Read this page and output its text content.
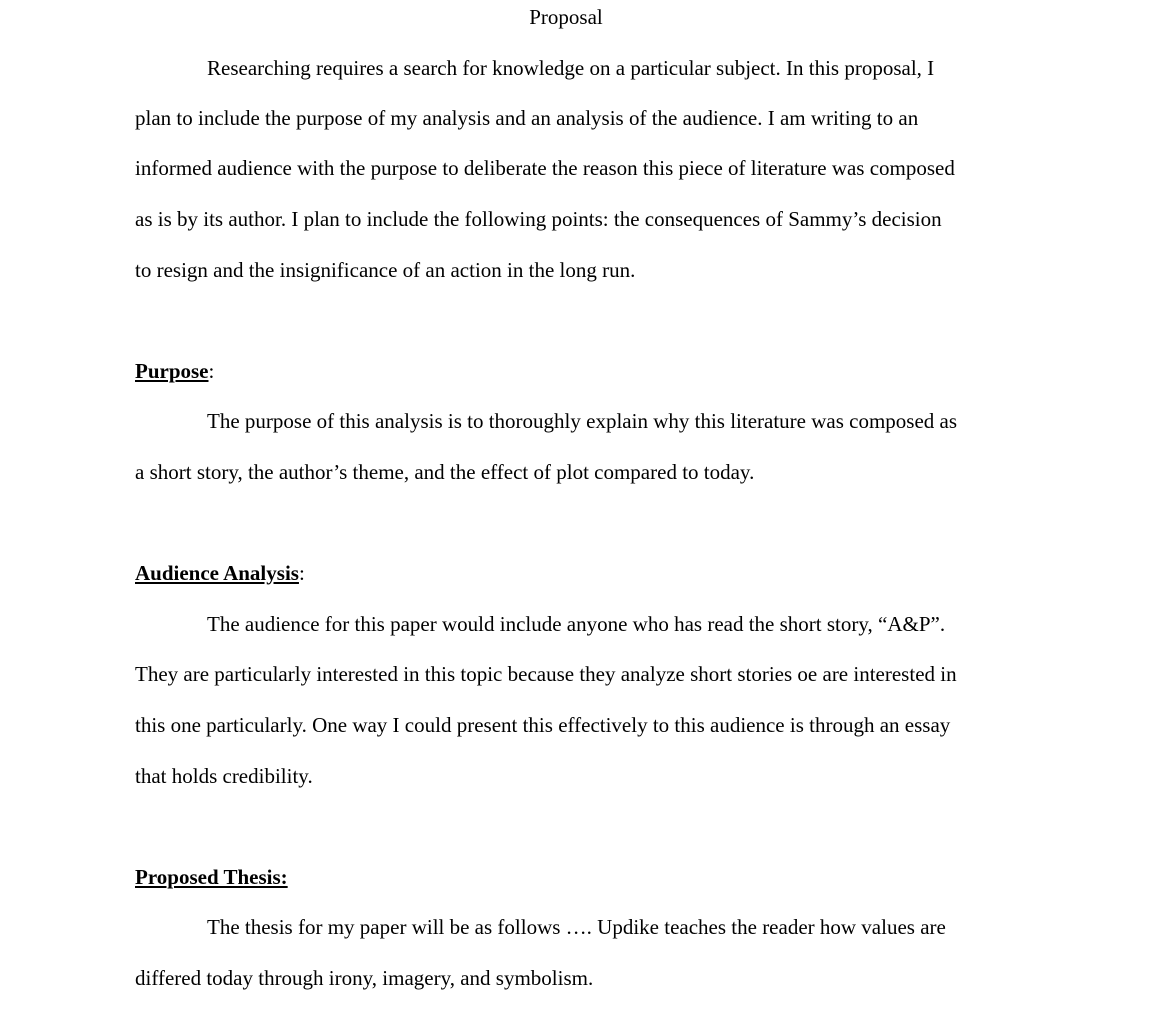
Proposal
Researching requires a search for knowledge on a particular subject. In this proposal, I
plan to include the purpose of my analysis and an analysis of the audience. I am writing to an
informed audience with the purpose to deliberate the reason this piece of literature was composed
as is by its author. I plan to include the following points: the consequences of Sammy’s decision
to resign and the insignificance of an action in the long run.
Purpose:
The purpose of this analysis is to thoroughly explain why this literature was composed as
a short story, the author’s theme, and the effect of plot compared to today.
Audience Analysis:
The audience for this paper would include anyone who has read the short story, “A&P”.
They are particularly interested in this topic because they analyze short stories oe are interested in
this one particularly. One way I could present this effectively to this audience is through an essay
that holds credibility.
Proposed Thesis:
The thesis for my paper will be as follows …. Updike teaches the reader how values are
differed today through irony, imagery, and symbolism.
